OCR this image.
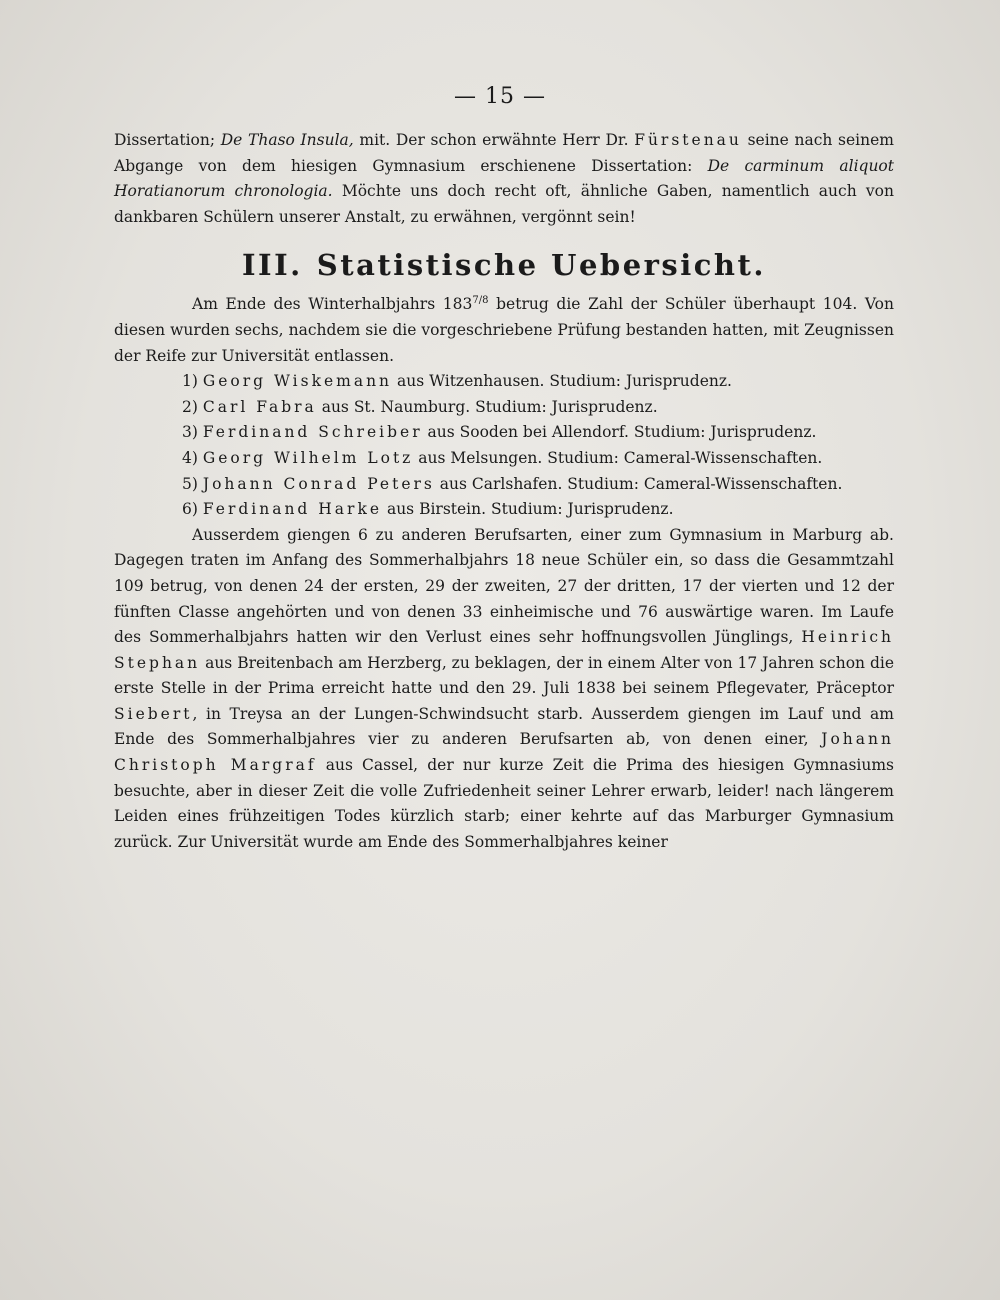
— 15 —

Dissertation; De Thaso Insula, mit. Der schon erwähnte Herr Dr. Fürstenau seine nach seinem Abgange von dem hiesigen Gymnasium erschienene Dissertation: De carminum aliquot Horatianorum chronologia. Möchte uns doch recht oft, ähnliche Gaben, namentlich auch von dankbaren Schülern unserer Anstalt, zu erwähnen, vergönnt sein!

III. Statistische Uebersicht.

Am Ende des Winterhalbjahrs $183^{7/8}$ betrug die Zahl der Schüler überhaupt 104. Von diesen wurden sechs, nachdem sie die vorgeschriebene Prüfung bestanden hatten, mit Zeugnissen der Reife zur Universität entlassen.

1) Georg Wiskemann aus Witzenhausen. Studium: Jurisprudenz.
2) Carl Fabra aus St. Naumburg. Studium: Jurisprudenz.
3) Ferdinand Schreiber aus Sooden bei Allendorf. Studium: Jurisprudenz.
4) Georg Wilhelm Lotz aus Melsungen. Studium: Cameral-Wissenschaften.
5) Johann Conrad Peters aus Carlshafen. Studium: Cameral-Wissenschaften.
6) Ferdinand Harke aus Birstein. Studium: Jurisprudenz.

Ausserdem giengen 6 zu anderen Berufsarten, einer zum Gymnasium in Marburg ab. Dagegen traten im Anfang des Sommerhalbjahrs 18 neue Schüler ein, so dass die Gesammtzahl 109 betrug, von denen 24 der ersten, 29 der zweiten, 27 der dritten, 17 der vierten und 12 der fünften Classe angehörten und von denen 33 einheimische und 76 auswärtige waren. Im Laufe des Sommerhalbjahrs hatten wir den Verlust eines sehr hoffnungsvollen Jünglings, Heinrich Stephan aus Breitenbach am Herzberg, zu beklagen, der in einem Alter von 17 Jahren schon die erste Stelle in der Prima erreicht hatte und den 29. Juli 1838 bei seinem Pflegevater, Präceptor Siebert, in Treysa an der Lungen-Schwindsucht starb. Ausserdem giengen im Lauf und am Ende des Sommerhalbjahres vier zu anderen Berufsarten ab, von denen einer, Johann Christoph Margraf aus Cassel, der nur kurze Zeit die Prima des hiesigen Gymnasiums besuchte, aber in dieser Zeit die volle Zufriedenheit seiner Lehrer erwarb, leider! nach längerem Leiden eines frühzeitigen Todes kürzlich starb; einer kehrte auf das Marburger Gymnasium zurück. Zur Universität wurde am Ende des Sommerhalbjahres keiner
